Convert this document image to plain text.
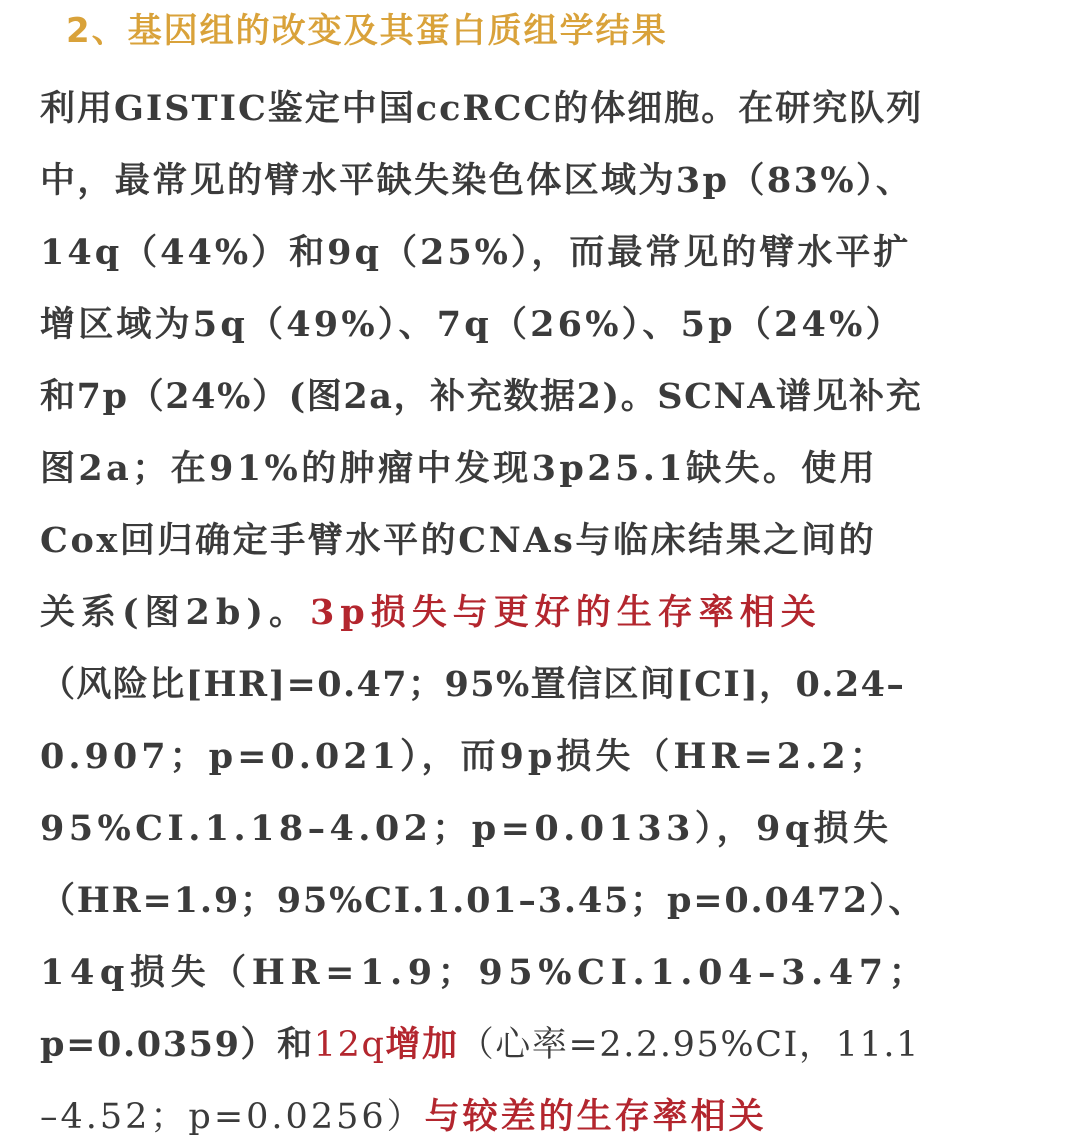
2、基因组的改变及其蛋白质组学结果
利用GISTIC鉴定中国ccRCC的体细胞。在研究队列
中，最常见的臂水平缺失染色体区域为3p（83%）、
14q（44%）和9q（25%），而最常见的臂水平扩
增区域为5q（49%）、7q（26%）、5p（24%）
和7p（24%）(图2a，补充数据2)。SCNA谱见补充
图2a；在91%的肿瘤中发现3p25.1缺失。使用
Cox回归确定手臂水平的CNAs与临床结果之间的
关系(图2b)。3p损失与更好的生存率相关
（风险比[HR]=0.47；95%置信区间[CI]，0.24–
0.907；p=0.021），而9p损失（HR=2.2；
95%CI.1.18–4.02；p=0.0133），9q损失
（HR=1.9；95%CI.1.01–3.45；p=0.0472）、
14q损失（HR=1.9；95%CI.1.04–3.47；
p=0.0359）和12q增加（心率=2.2.95%CI，11.1
–4.52；p=0.0256）与较差的生存率相关
